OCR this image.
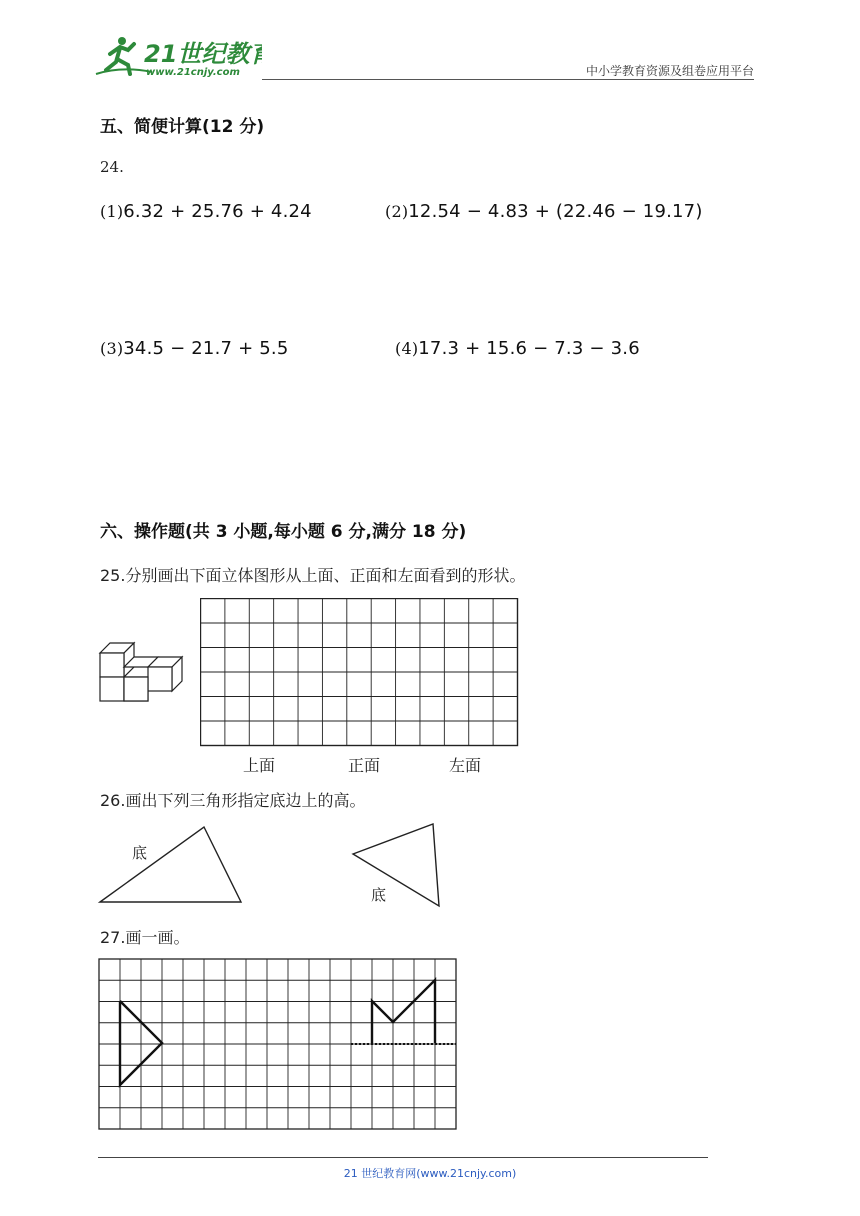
21世纪教育
www.21cnjy.com	中小学教育资源及组卷应用平台
五、简便计算(12 分)
24.
(1)6.32 + 25.76 + 4.24	(2)12.54 − 4.83 + (22.46 − 19.17)
(3)34.5 − 21.7 + 5.5	(4)17.3 + 15.6 − 7.3 − 3.6
六、操作题(共 3 小题,每小题 6 分,满分 18 分)
25.分别画出下面立体图形从上面、正面和左面看到的形状。
上面	正面	左面
26.画出下列三角形指定底边上的高。
底
底
27.画一画。
21 世纪教育网(www.21cnjy.com)
